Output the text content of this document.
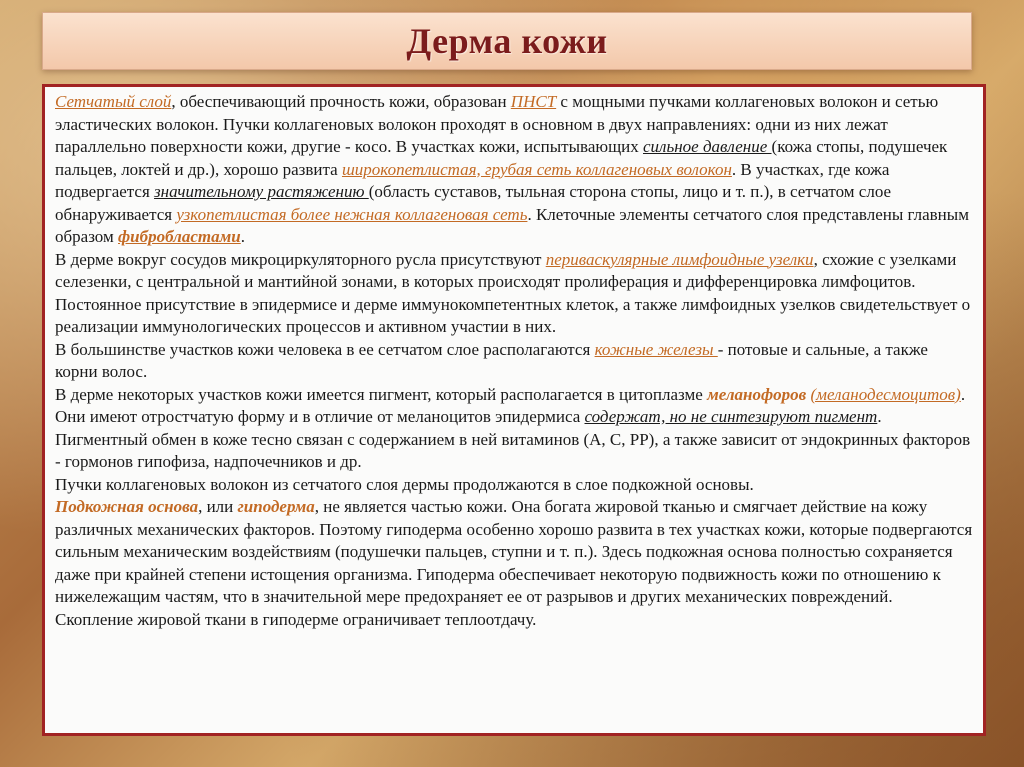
Дерма кожи

Сетчатый слой, обеспечивающий прочность кожи, образован ПНСТ с мощными пучками коллагеновых волокон и сетью эластических волокон. Пучки коллагеновых волокон проходят в основном в двух направлениях: одни из них лежат параллельно поверхности кожи, другие - косо. В участках кожи, испытывающих сильное давление (кожа стопы, подушечек пальцев, локтей и др.), хорошо развита широкопетлистая, грубая сеть коллагеновых волокон. В участках, где кожа подвергается значительному растяжению (область суставов, тыльная сторона стопы, лицо и т. п.), в сетчатом слое обнаруживается узкопетлистая более нежная коллагеновая сеть. Клеточные элементы сетчатого слоя представлены главным образом фибробластами.

В дерме вокруг сосудов микроциркуляторного русла присутствуют периваскулярные лимфоидные узелки, схожие с узелками селезенки, с центральной и мантийной зонами, в которых происходят пролиферация и дифференцировка лимфоцитов. Постоянное присутствие в эпидермисе и дерме иммунокомпетентных клеток, а также лимфоидных узелков свидетельствует о реализации иммунологических процессов и активном участии в них.

В большинстве участков кожи человека в ее сетчатом слое располагаются кожные железы - потовые и сальные, а также корни волос.

В дерме некоторых участков кожи имеется пигмент, который располагается в цитоплазме меланофоров (меланодесмоцитов). Они имеют отростчатую форму и в отличие от меланоцитов эпидермиса содержат, но не синтезируют пигмент. Пигментный обмен в коже тесно связан с содержанием в ней витаминов (А, С, РР), а также зависит от эндокринных факторов - гормонов гипофиза, надпочечников и др.

Пучки коллагеновых волокон из сетчатого слоя дермы продолжаются в слое подкожной основы.

Подкожная основа, или гиподерма, не является частью кожи. Она богата жировой тканью и смягчает действие на кожу различных механических факторов. Поэтому гиподерма особенно хорошо развита в тех участках кожи, которые подвергаются сильным механическим воздействиям (подушечки пальцев, ступни и т. п.). Здесь подкожная основа полностью сохраняется даже при крайней степени истощения организма. Гиподерма обеспечивает некоторую подвижность кожи по отношению к нижележащим частям, что в значительной мере предохраняет ее от разрывов и других механических повреждений. Скопление жировой ткани в гиподерме ограничивает теплоотдачу.
